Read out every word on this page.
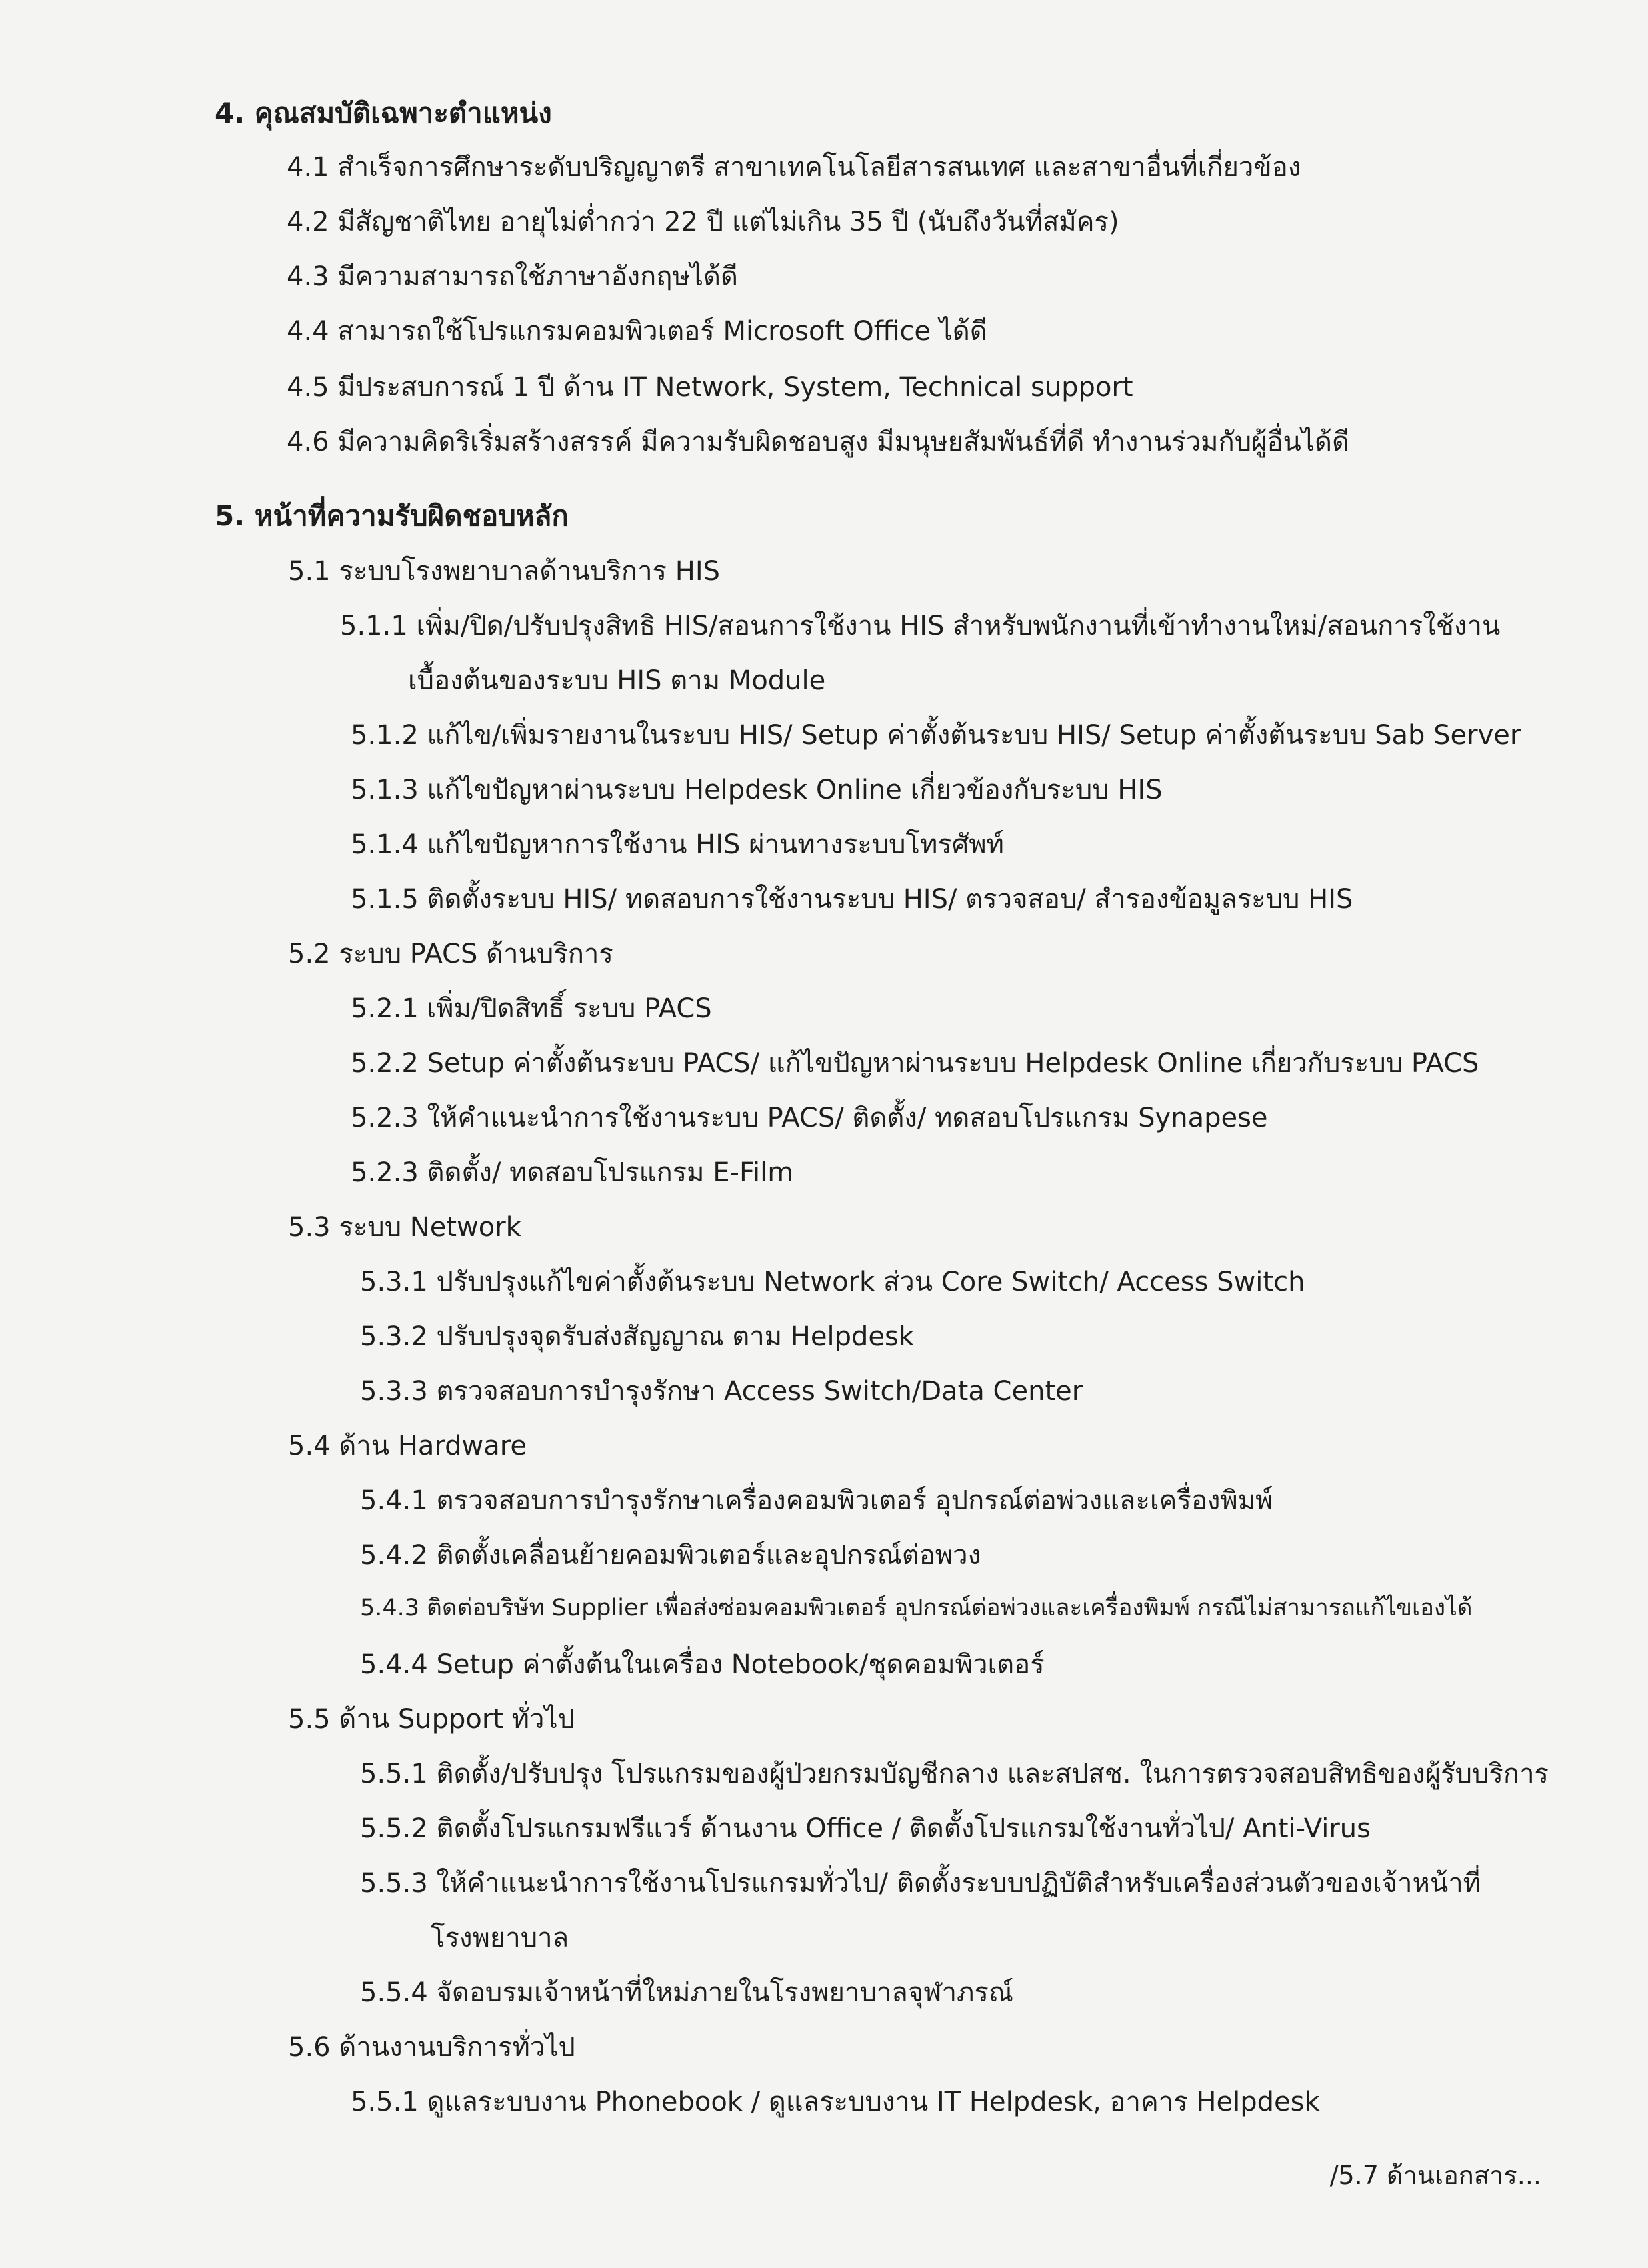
4. คุณสมบัติเฉพาะตำแหน่ง
4.1 สำเร็จการศึกษาระดับปริญญาตรี สาขาเทคโนโลยีสารสนเทศ และสาขาอื่นที่เกี่ยวข้อง
4.2 มีสัญชาติไทย อายุไม่ต่ำกว่า 22 ปี แต่ไม่เกิน 35 ปี (นับถึงวันที่สมัคร)
4.3 มีความสามารถใช้ภาษาอังกฤษได้ดี
4.4 สามารถใช้โปรแกรมคอมพิวเตอร์ Microsoft Office ได้ดี
4.5 มีประสบการณ์ 1 ปี ด้าน IT Network, System, Technical support
4.6 มีความคิดริเริ่มสร้างสรรค์ มีความรับผิดชอบสูง มีมนุษยสัมพันธ์ที่ดี ทำงานร่วมกับผู้อื่นได้ดี
5. หน้าที่ความรับผิดชอบหลัก
5.1 ระบบโรงพยาบาลด้านบริการ HIS
5.1.1 เพิ่ม/ปิด/ปรับปรุงสิทธิ HIS/สอนการใช้งาน HIS สำหรับพนักงานที่เข้าทำงานใหม่/สอนการใช้งาน
เบื้องต้นของระบบ HIS ตาม Module
5.1.2 แก้ไข/เพิ่มรายงานในระบบ HIS/ Setup ค่าตั้งต้นระบบ HIS/ Setup ค่าตั้งต้นระบบ Sab Server
5.1.3 แก้ไขปัญหาผ่านระบบ Helpdesk Online เกี่ยวข้องกับระบบ HIS
5.1.4 แก้ไขปัญหาการใช้งาน HIS ผ่านทางระบบโทรศัพท์
5.1.5 ติดตั้งระบบ HIS/ ทดสอบการใช้งานระบบ HIS/ ตรวจสอบ/ สำรองข้อมูลระบบ HIS
5.2 ระบบ PACS ด้านบริการ
5.2.1 เพิ่ม/ปิดสิทธิ์ ระบบ PACS
5.2.2 Setup ค่าตั้งต้นระบบ PACS/ แก้ไขปัญหาผ่านระบบ Helpdesk Online เกี่ยวกับระบบ PACS
5.2.3 ให้คำแนะนำการใช้งานระบบ PACS/ ติดตั้ง/ ทดสอบโปรแกรม Synapese
5.2.3 ติดตั้ง/ ทดสอบโปรแกรม E-Film
5.3 ระบบ Network
5.3.1 ปรับปรุงแก้ไขค่าตั้งต้นระบบ Network ส่วน Core Switch/ Access Switch
5.3.2 ปรับปรุงจุดรับส่งสัญญาณ ตาม Helpdesk
5.3.3 ตรวจสอบการบำรุงรักษา Access Switch/Data Center
5.4 ด้าน Hardware
5.4.1 ตรวจสอบการบำรุงรักษาเครื่องคอมพิวเตอร์ อุปกรณ์ต่อพ่วงและเครื่องพิมพ์
5.4.2 ติดตั้งเคลื่อนย้ายคอมพิวเตอร์และอุปกรณ์ต่อพวง
5.4.3 ติดต่อบริษัท Supplier เพื่อส่งซ่อมคอมพิวเตอร์ อุปกรณ์ต่อพ่วงและเครื่องพิมพ์ กรณีไม่สามารถแก้ไขเองได้
5.4.4 Setup ค่าตั้งต้นในเครื่อง Notebook/ชุดคอมพิวเตอร์
5.5 ด้าน Support ทั่วไป
5.5.1 ติดตั้ง/ปรับปรุง โปรแกรมของผู้ป่วยกรมบัญชีกลาง และสปสช. ในการตรวจสอบสิทธิของผู้รับบริการ
5.5.2 ติดตั้งโปรแกรมฟรีแวร์ ด้านงาน Office / ติดตั้งโปรแกรมใช้งานทั่วไป/ Anti-Virus
5.5.3 ให้คำแนะนำการใช้งานโปรแกรมทั่วไป/ ติดตั้งระบบปฏิบัติสำหรับเครื่องส่วนตัวของเจ้าหน้าที่
โรงพยาบาล
5.5.4 จัดอบรมเจ้าหน้าที่ใหม่ภายในโรงพยาบาลจุฬาภรณ์
5.6 ด้านงานบริการทั่วไป
5.5.1 ดูแลระบบงาน Phonebook / ดูแลระบบงาน IT Helpdesk, อาคาร Helpdesk
/5.7 ด้านเอกสาร...
